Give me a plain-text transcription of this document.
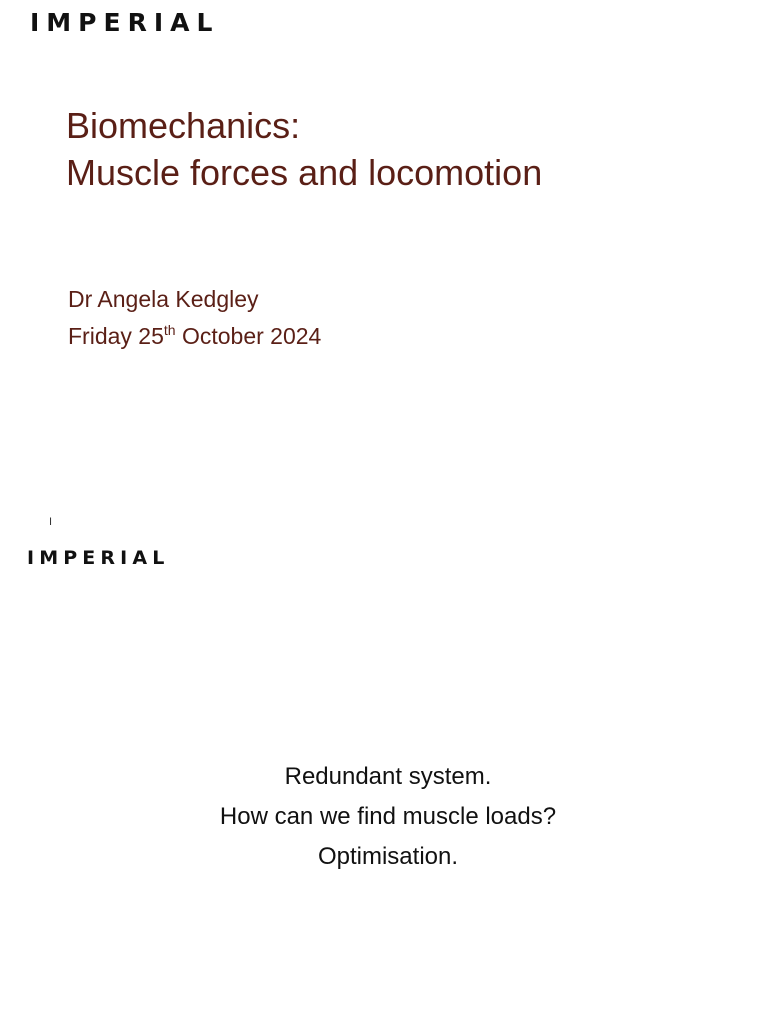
IMPERIAL
Biomechanics:
Muscle forces and locomotion
Dr Angela Kedgley
Friday 25th October 2024
I
IMPERIAL
Redundant system.
How can we find muscle loads?
Optimisation.
